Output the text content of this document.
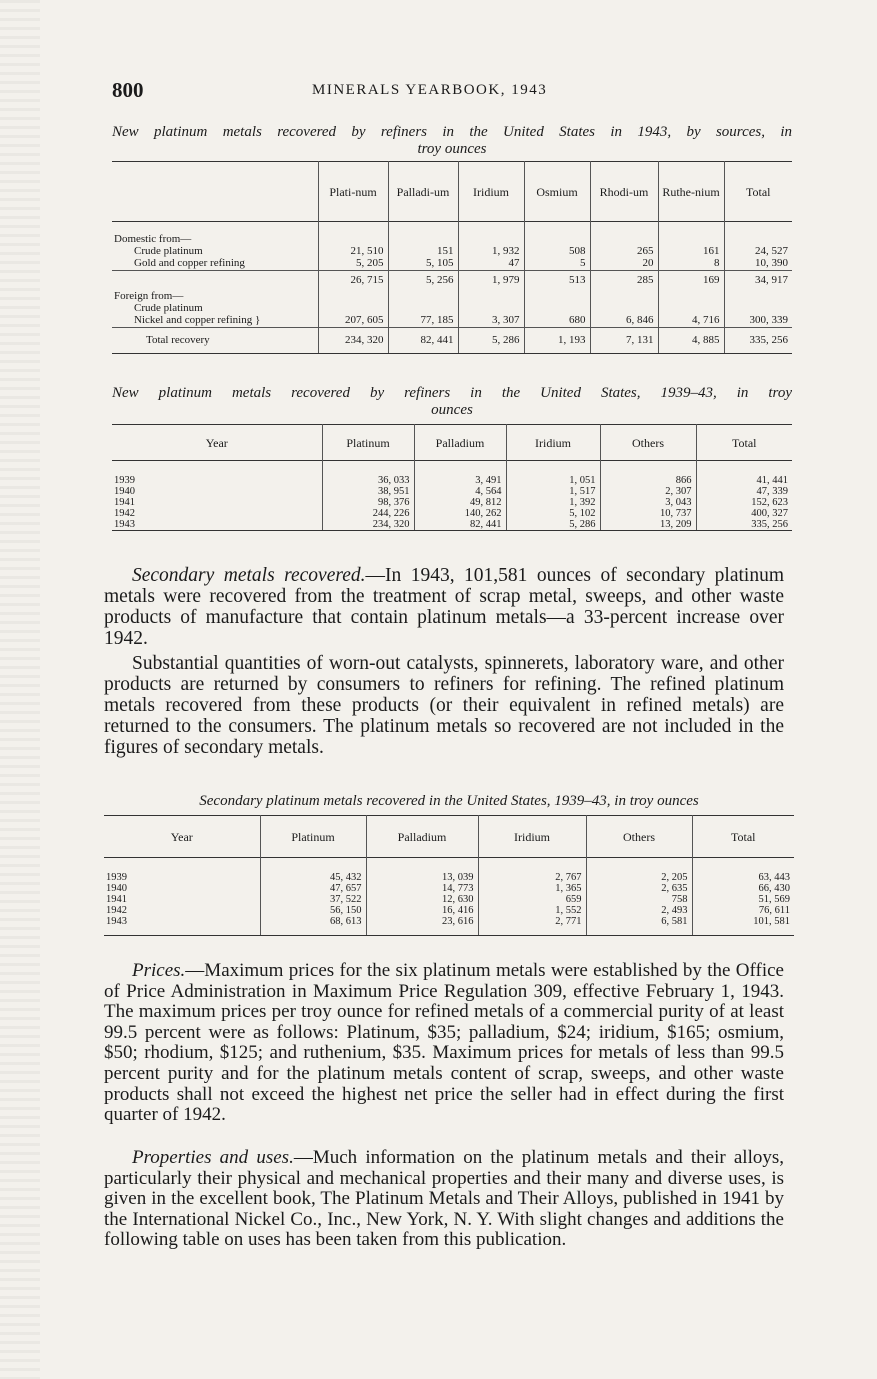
800	MINERALS YEARBOOK, 1943
New platinum metals recovered by refiners in the United States in 1943, by sources, in
troy ounces
	Plati-num	Palladi-um	Iridium	Osmium	Rhodi-um	Ruthe-nium	Total

Domestic from—							
Crude platinum	21, 510	151	1, 932	508	265	161	24, 527
Gold and copper refining	5, 205	5, 105	47	5	20	8	10, 390
	26, 715	5, 256	1, 979	513	285	169	34, 917
Foreign from—							
Crude platinum							
Nickel and copper refining }	207, 605	77, 185	3, 307	680	6, 846	4, 716	300, 339
Total recovery	234, 320	82, 441	5, 286	1, 193	7, 131	4, 885	335, 256
New platinum metals recovered by refiners in the United States, 1939–43, in troy
ounces
Year	Platinum	Palladium	Iridium	Others	Total

1939	36, 033	3, 491	1, 051	866	41, 441
1940	38, 951	4, 564	1, 517	2, 307	47, 339
1941	98, 376	49, 812	1, 392	3, 043	152, 623
1942	244, 226	140, 262	5, 102	10, 737	400, 327
1943	234, 320	82, 441	5, 286	13, 209	335, 256

Secondary metals recovered.—In 1943, 101,581 ounces of secondary platinum metals were recovered from the treatment of scrap metal, sweeps, and other waste products of manufacture that contain platinum metals—a 33-percent increase over 1942.

Substantial quantities of worn-out catalysts, spinnerets, laboratory ware, and other products are returned by consumers to refiners for refining. The refined platinum metals recovered from these products (or their equivalent in refined metals) are returned to the consumers. The platinum metals so recovered are not included in the figures of secondary metals.

Secondary platinum metals recovered in the United States, 1939–43, in troy ounces
Year	Platinum	Palladium	Iridium	Others	Total

1939	45, 432	13, 039	2, 767	2, 205	63, 443
1940	47, 657	14, 773	1, 365	2, 635	66, 430
1941	37, 522	12, 630	659	758	51, 569
1942	56, 150	16, 416	1, 552	2, 493	76, 611
1943	68, 613	23, 616	2, 771	6, 581	101, 581

Prices.—Maximum prices for the six platinum metals were established by the Office of Price Administration in Maximum Price Regulation 309, effective February 1, 1943. The maximum prices per troy ounce for refined metals of a commercial purity of at least 99.5 percent were as follows: Platinum, $35; palladium, $24; iridium, $165; osmium, $50; rhodium, $125; and ruthenium, $35. Maximum prices for metals of less than 99.5 percent purity and for the platinum metals content of scrap, sweeps, and other waste products shall not exceed the highest net price the seller had in effect during the first quarter of 1942.

Properties and uses.—Much information on the platinum metals and their alloys, particularly their physical and mechanical properties and their many and diverse uses, is given in the excellent book, The Platinum Metals and Their Alloys, published in 1941 by the International Nickel Co., Inc., New York, N. Y. With slight changes and additions the following table on uses has been taken from this publication.
